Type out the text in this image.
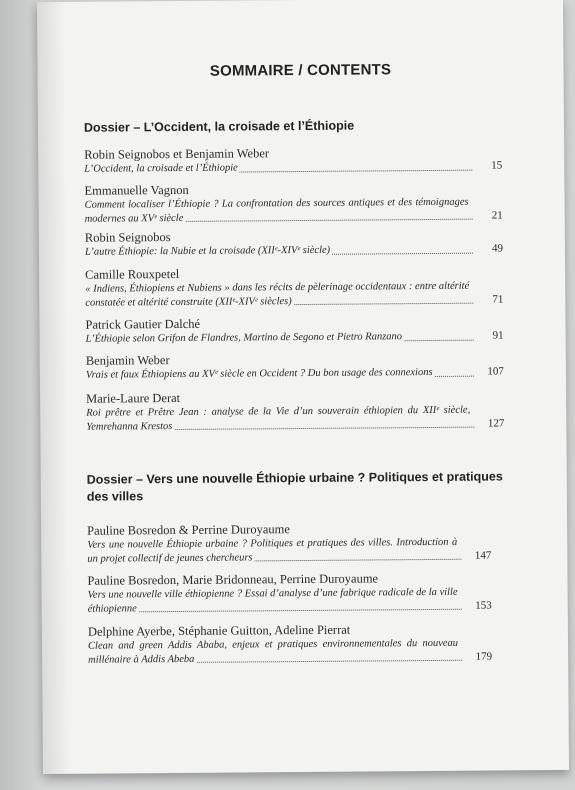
SOMMAIRE / CONTENTS
Dossier – L’Occident, la croisade et l’Éthiopie
Robin Seignobos et Benjamin Weber
L’Occident, la croisade et l’Éthiopie	15
Emmanuelle Vagnon
Comment localiser l’Éthiopie ? La confrontation des sources antiques et des témoignages modernes au XVᵉ siècle	21
Robin Seignobos
L’autre Éthiopie: la Nubie et la croisade (XIIᵉ-XIVᵉ siècle)	49
Camille Rouxpetel
« Indiens, Éthiopiens et Nubiens » dans les récits de pèlerinage occidentaux : entre altérité constatée et altérité construite (XIIᵉ-XIVᵉ siècles)	71
Patrick Gautier Dalché
L’Éthiopie selon Grifon de Flandres, Martino de Segono et Pietro Ranzano	91
Benjamin Weber
Vrais et faux Éthiopiens au XVᵉ siècle en Occident ? Du bon usage des connexions	107
Marie-Laure Derat
Roi prêtre et Prêtre Jean : analyse de la Vie d’un souverain éthiopien du XIIᵉ siècle, Yemrehanna Krestos	127
Dossier – Vers une nouvelle Éthiopie urbaine ? Politiques et pratiques des villes
Pauline Bosredon & Perrine Duroyaume
Vers une nouvelle Éthiopie urbaine ? Politiques et pratiques des villes. Introduction à un projet collectif de jeunes chercheurs	147
Pauline Bosredon, Marie Bridonneau, Perrine Duroyaume
Vers une nouvelle ville éthiopienne ? Essai d’analyse d’une fabrique radicale de la ville éthiopienne	153
Delphine Ayerbe, Stéphanie Guitton, Adeline Pierrat
Clean and green Addis Ababa, enjeux et pratiques environnementales du nouveau millénaire à Addis Abeba	179
